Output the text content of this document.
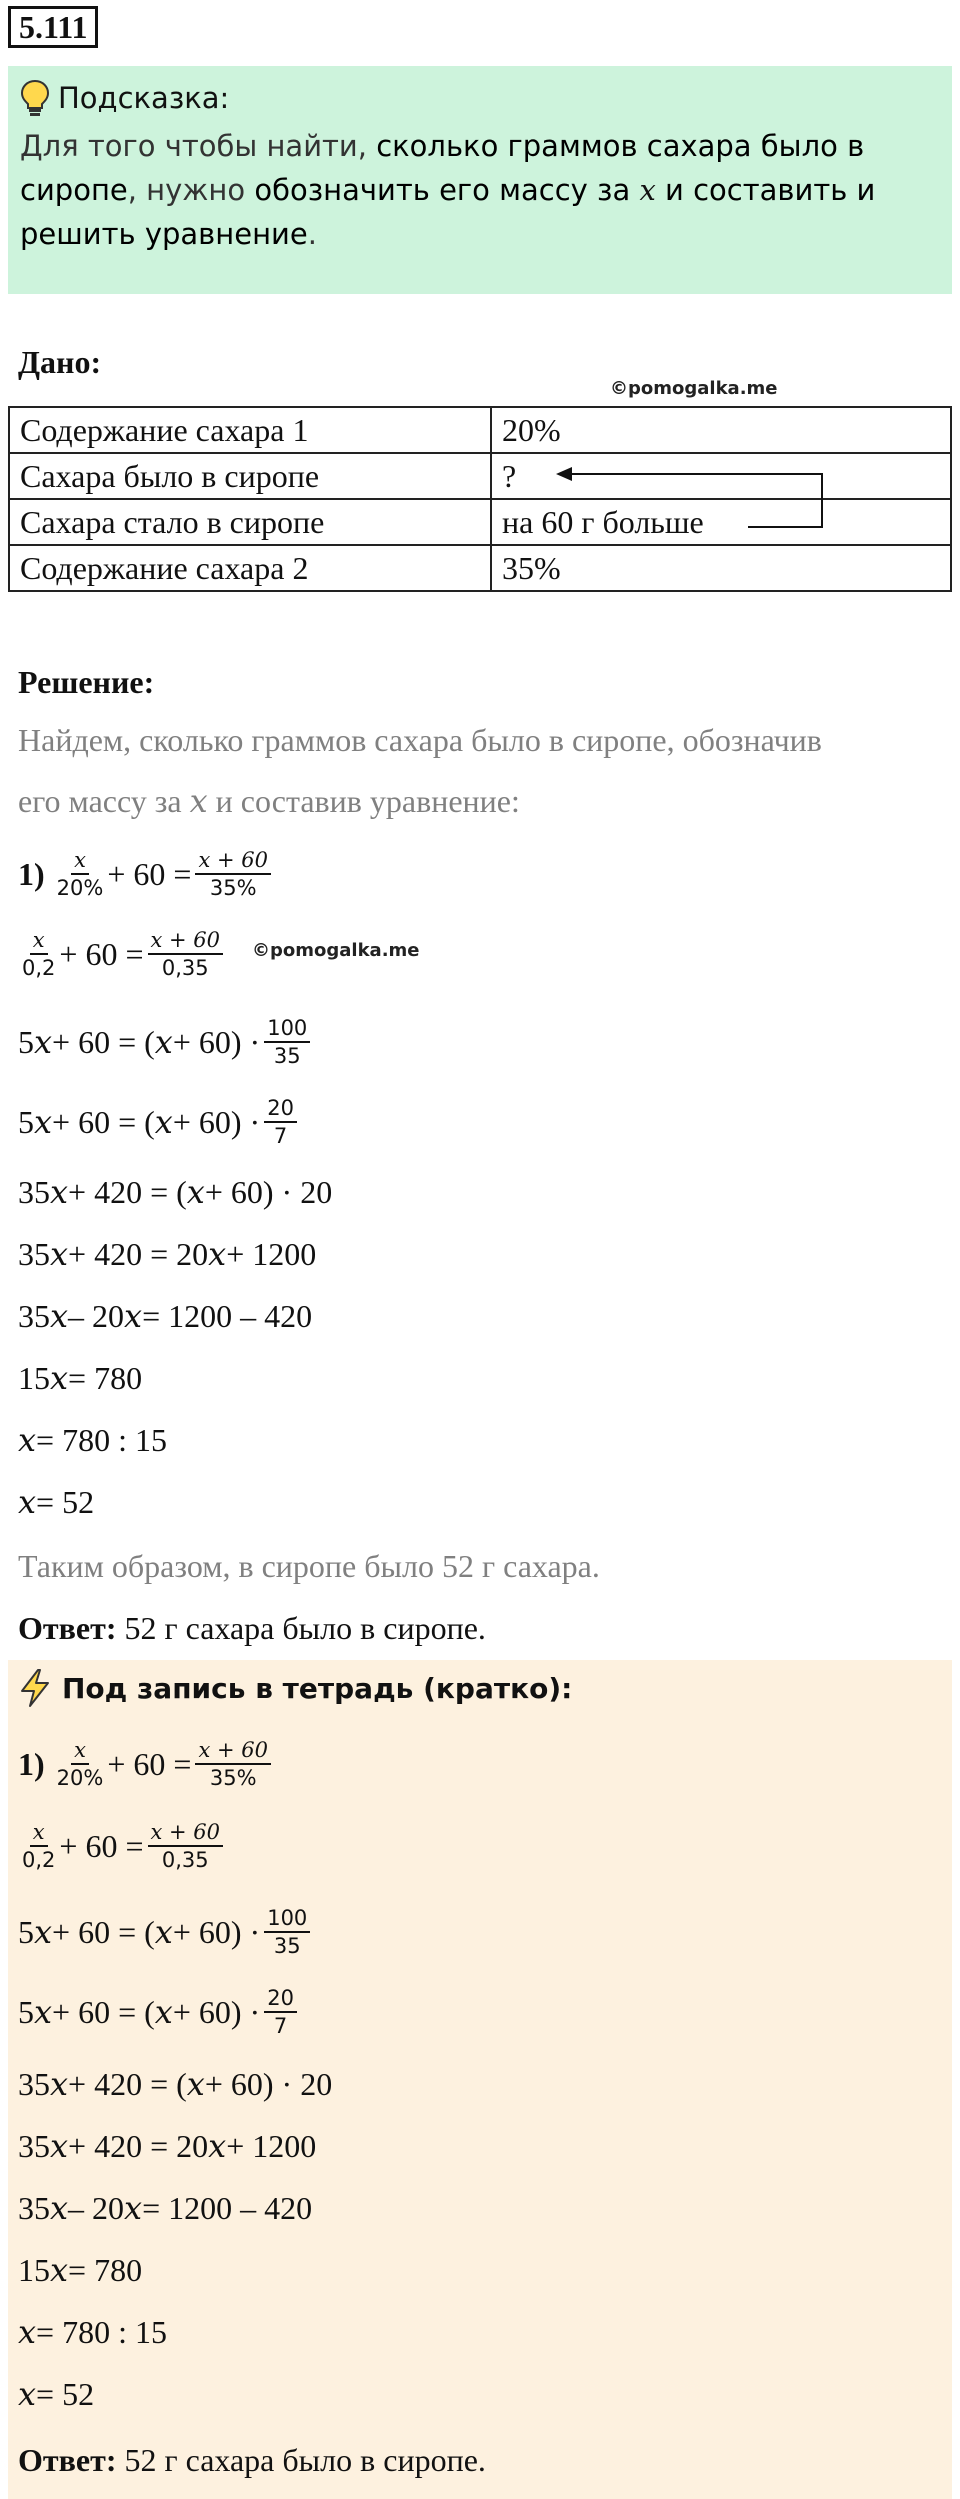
5.111
Подсказка:
Для того чтобы найти, сколько граммов сахара было в сиропе, нужно обозначить его массу за x и составить и решить уравнение.
Дано:
©pomogalka.me
Содержание сахара 1	20%
Сахара было в сиропе	?
Сахара стало в сиропе	на 60 г больше
Содержание сахара 2	35%
Решение:
Найдем, сколько граммов сахара было в сиропе, обозначив
его массу за x и составив уравнение:
1)
$\frac{x}{20\%} + 60 = \frac{x + 60}{35\%}$
$\frac{x}{0,2} + 60 = \frac{x + 60}{0,35}$ ©pomogalka.me
5 x + 60 = ( $x + 60) \cdot \frac{100}{35}$
5 x + 60 = ( $x + 60) \cdot \frac{20}{7}$
35 x + 420 = ( x + 60) · 20
35 x + 420 = 20 x + 1200
35 x – 20 x = 1200 – 420
15 x = 780
x = 780 : 15
x = 52
Таким образом, в сиропе было 52 г сахара.
Ответ: 52 г сахара было в сиропе.
Под запись в тетрадь (кратко):
1)
$\frac{x}{20\%} + 60 = \frac{x + 60}{35\%}$
$\frac{x}{0,2} + 60 = \frac{x + 60}{0,35}$
5 x + 60 = ( $x + 60) \cdot \frac{100}{35}$
5 x + 60 = ( $x + 60) \cdot \frac{20}{7}$
35 x + 420 = ( x + 60) · 20
35 x + 420 = 20 x + 1200
35 x – 20 x = 1200 – 420
15 x = 780
x = 780 : 15
x = 52
Ответ: 52 г сахара было в сиропе.
